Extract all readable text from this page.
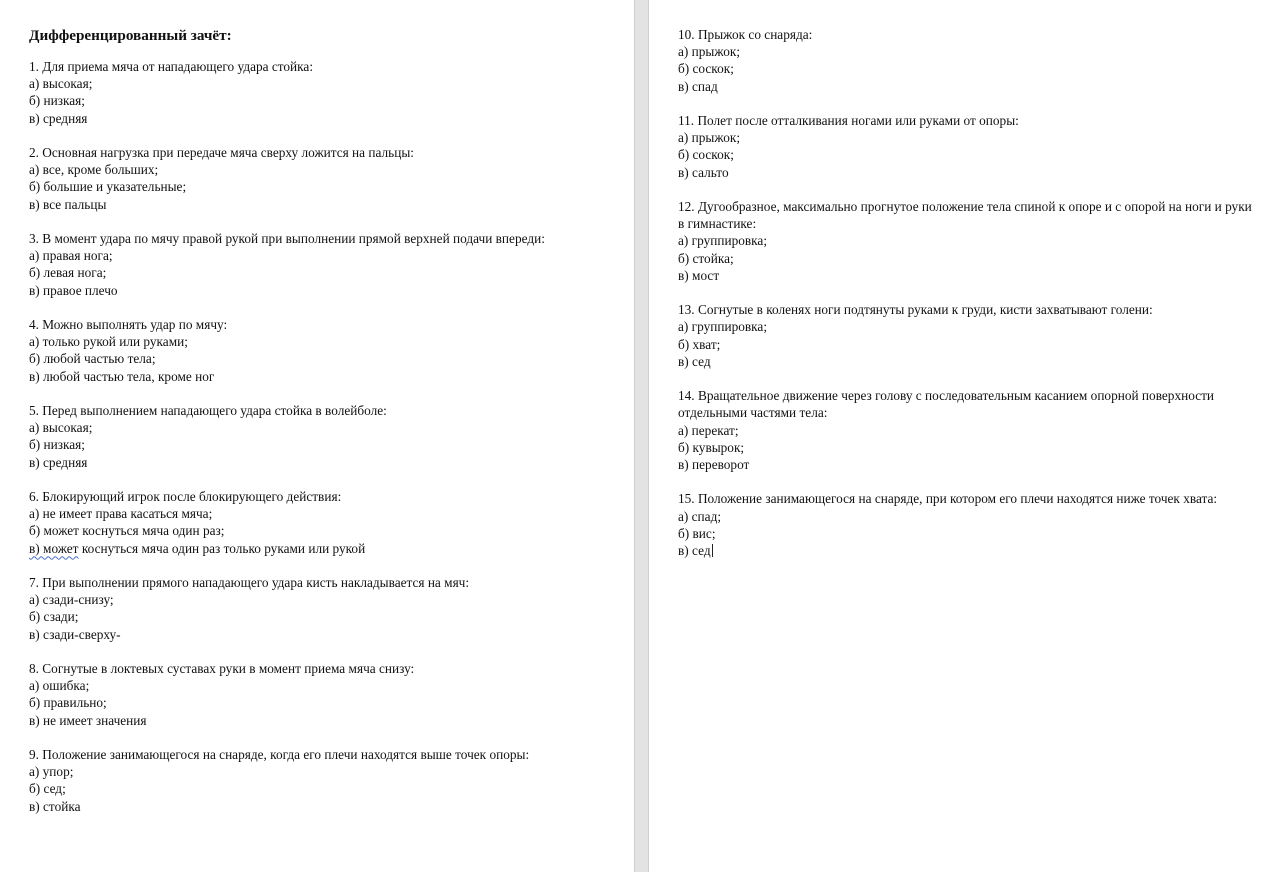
Дифференцированный зачёт:
1. Для приема мяча от нападающего удара стойка:
а) высокая;
б) низкая;
в) средняя
2. Основная нагрузка при передаче мяча сверху ложится на пальцы:
а) все, кроме больших;
б) большие и указательные;
в) все пальцы
3. В момент удара по мячу правой рукой при выполнении прямой верхней подачи впереди:
а) правая нога;
б) левая нога;
в) правое плечо
4. Можно выполнять удар по мячу:
а) только рукой или руками;
б) любой частью тела;
в) любой частью тела, кроме ног
5. Перед выполнением нападающего удара стойка в волейболе:
а) высокая;
б) низкая;
в) средняя
6. Блокирующий игрок после блокирующего действия:
а) не имеет права касаться мяча;
б) может коснуться мяча один раз;
в) может коснуться мяча один раз только руками или рукой
7. При выполнении прямого нападающего удара кисть накладывается на мяч:
а) сзади-снизу;
б) сзади;
в) сзади-сверху-
8. Согнутые в локтевых суставах руки в момент приема мяча снизу:
а) ошибка;
б) правильно;
в) не имеет значения
9. Положение занимающегося на снаряде, когда его плечи находятся выше точек опоры:
а) упор;
б) сед;
в) стойка
10. Прыжок со снаряда:
а) прыжок;
б) соскок;
в) спад
11. Полет после отталкивания ногами или руками от опоры:
а) прыжок;
б) соскок;
в) сальто
12. Дугообразное, максимально прогнутое положение тела спиной к опоре и с опорой на ноги и руки в гимнастике:
а) группировка;
б) стойка;
в) мост
13. Согнутые в коленях ноги подтянуты руками к груди, кисти захватывают голени:
а) группировка;
б) хват;
в) сед
14. Вращательное движение через голову с последовательным касанием опорной поверхности отдельными частями тела:
а) перекат;
б) кувырок;
в) переворот
15. Положение занимающегося на снаряде, при котором его плечи находятся ниже точек хвата:
а) спад;
б) вис;
в) сед
